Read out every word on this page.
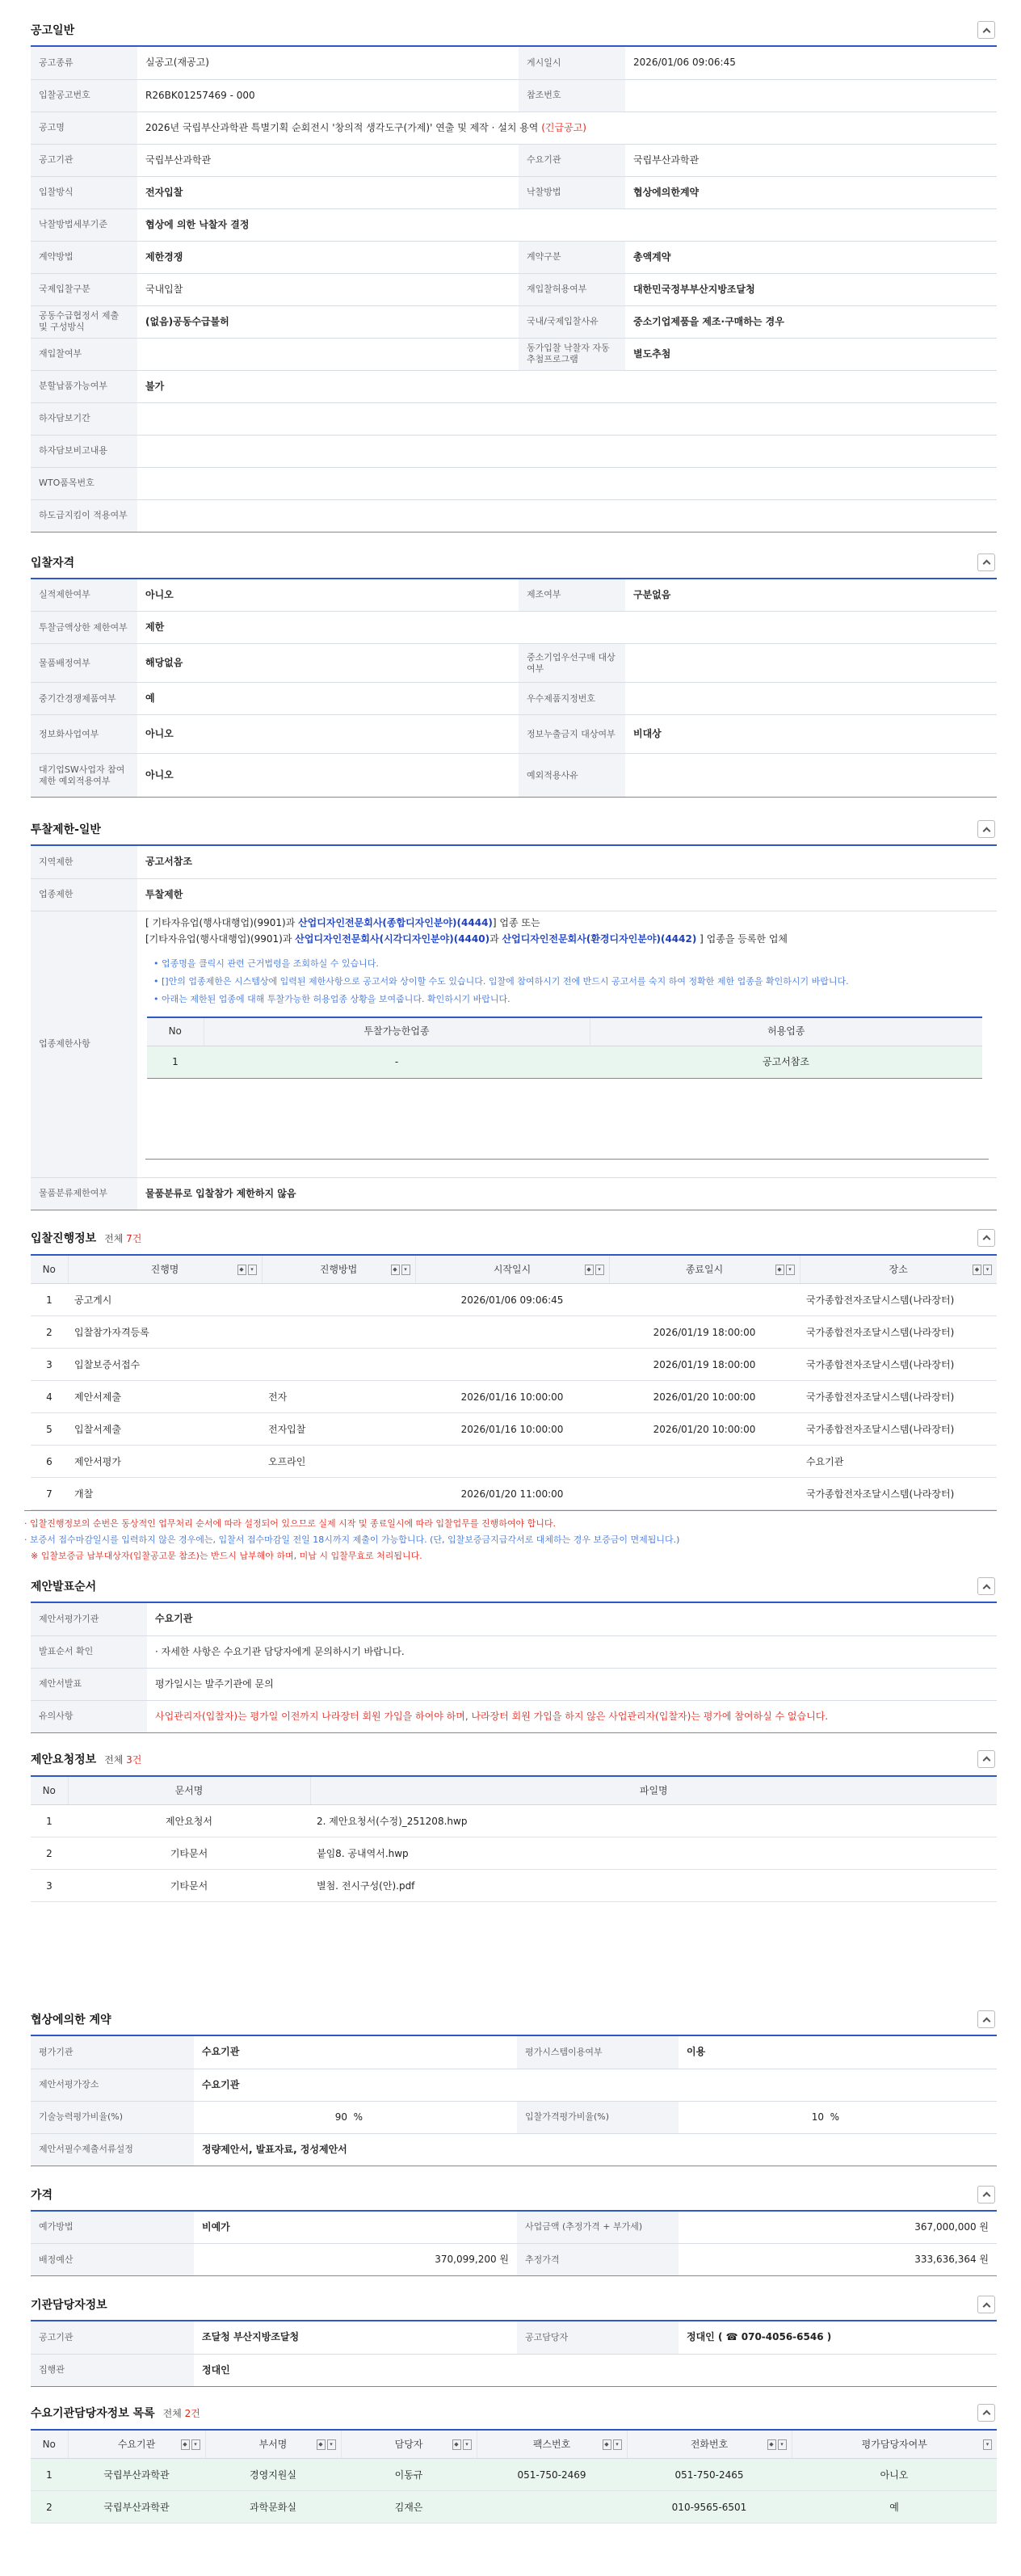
공고일반
공고종류	실공고(재공고)	게시일시	2026/01/06 09:06:45
입찰공고번호	R26BK01257469 - 000	참조번호	
공고명	2026년 국립부산과학관 특별기획 순회전시 '창의적 생각도구(가제)' 연출 및 제작 · 설치 용역 (긴급공고)		
공고기관	국립부산과학관	수요기관	국립부산과학관
입찰방식	전자입찰	낙찰방법	협상에의한계약
낙찰방법세부기준	협상에 의한 낙찰자 결정		
계약방법	제한경쟁	계약구분	총액계약
국제입찰구분	국내입찰	재입찰허용여부	대한민국정부부산지방조달청
공동수급협정서 제출 및 구성방식	(없음)공동수급불허	국내/국제입찰사유	중소기업제품을 제조·구매하는 경우
재입찰여부		동가입찰 낙찰자 자동추첨프로그램	별도추첨
분할납품가능여부	불가		
하자담보기간			
하자담보비고내용			
WTO품목번호			
하도급지킴이 적용여부			
입찰자격
실적제한여부	아니오	제조여부	구분없음
투찰금액상한 제한여부	제한		
물품배정여부	해당없음	중소기업우선구매 대상여부	
중기간경쟁제품여부	예	우수제품지정번호	
정보화사업여부	아니오	정보누출금지 대상여부	비대상
대기업SW사업자 참여제한 예외적용여부	아니오	예외적용사유	
투찰제한-일반
지역제한	공고서참조
업종제한	투찰제한
업종제한사항	
[ 기타자유업(행사대행업)(9901)과 산업디자인전문회사(종합디자인분야)(4444)] 업종 또는
[기타자유업(행사대행업)(9901)과 산업디자인전문회사(시각디자인분야)(4440)과 산업디자인전문회사(환경디자인분야)(4442) ] 업종을 등록한 업체
• 업종명을 클릭시 관련 근거법령을 조회하실 수 있습니다.
• []안의 업종제한은 시스템상에 입력된 제한사항으로 공고서와 상이할 수도 있습니다. 입찰에 참여하시기 전에 반드시 공고서를 숙지 하여 정확한 제한 업종을 확인하시기 바랍니다.
• 아래는 제한된 업종에 대해 투찰가능한 허용업종 상황을 보여줍니다. 확인하시기 바랍니다.
No	투찰가능한업종	허용업종
1	-	공고서참조

물품분류제한여부	물품분류로 입찰참가 제한하지 않음
입찰진행정보 전체 7건
No	진행명 ◆ ▾	진행방법 ◆ ▾	시작일시 ◆ ▾	종료일시 ◆ ▾	장소 ◆ ▾

1	공고게시		2026/01/06 09:06:45		국가종합전자조달시스템(나라장터)
2	입찰참가자격등록			2026/01/19 18:00:00	국가종합전자조달시스템(나라장터)
3	입찰보증서접수			2026/01/19 18:00:00	국가종합전자조달시스템(나라장터)
4	제안서제출	전자	2026/01/16 10:00:00	2026/01/20 10:00:00	국가종합전자조달시스템(나라장터)
5	입찰서제출	전자입찰	2026/01/16 10:00:00	2026/01/20 10:00:00	국가종합전자조달시스템(나라장터)
6	제안서평가	오프라인			수요기관
7	개찰		2026/01/20 11:00:00		국가종합전자조달시스템(나라장터)
· 입찰진행정보의 순번은 동상적인 업무처리 순서에 따라 설정되어 있으므로 실제 시작 및 종료일시에 따라 입찰업무를 진행하여야 합니다.
· 보증서 접수마감일시를 입력하지 않은 경우에는, 입찰서 접수마감일 전일 18시까지 제출이 가능합니다. (단, 입찰보증금지급각서로 대체하는 경우 보증금이 면제됩니다.)
※ 입찰보증금 납부대상자(입찰공고문 참조)는 반드시 납부해야 하며, 미납 시 입찰무효로 처리됩니다.
제안발표순서
제안서평가기관	수요기관
발표순서 확인	· 자세한 사항은 수요기관 담당자에게 문의하시기 바랍니다.
제안서발표	평가일시는 발주기관에 문의
유의사항	사업관리자(입찰자)는 평가일 이전까지 나라장터 회원 가입을 하여야 하며, 나라장터 회원 가입을 하지 않은 사업관리자(입찰자)는 평가에 참여하실 수 없습니다.
제안요청정보 전체 3건
No	문서명	파일명
1	제안요청서	2. 제안요청서(수정)_251208.hwp
2	기타문서	붙임8. 공내역서.hwp
3	기타문서	별첨. 전시구성(안).pdf
협상에의한 계약
평가기관	수요기관	평가시스템이용여부	이용
제안서평가장소	수요기관		
기술능력평가비율(%)	90 %	입찰가격평가비율(%)	10 %
제안서필수제출서류설정	정량제안서, 발표자료, 정성제안서		
가격
예가방법	비예가	사업금액 (추정가격 + 부가세)	367,000,000 원
배정예산	370,099,200 원	추정가격	333,636,364 원
기관담당자정보
공고기관	조달청 부산지방조달청	공고담당자	정대인 ( ☎ 070-4056-6546 )
집행관	정대인		
수요기관담당자정보 목록 전체 2건
No	수요기관 ◆ ▾	부서명 ◆ ▾	담당자 ◆ ▾	팩스번호 ◆ ▾	전화번호 ◆ ▾	평가담당자여부 ▾

1	국립부산과학관	경영지원실	이동규	051-750-2469	051-750-2465	아니오
2	국립부산과학관	과학문화실	김재은		010-9565-6501	예
